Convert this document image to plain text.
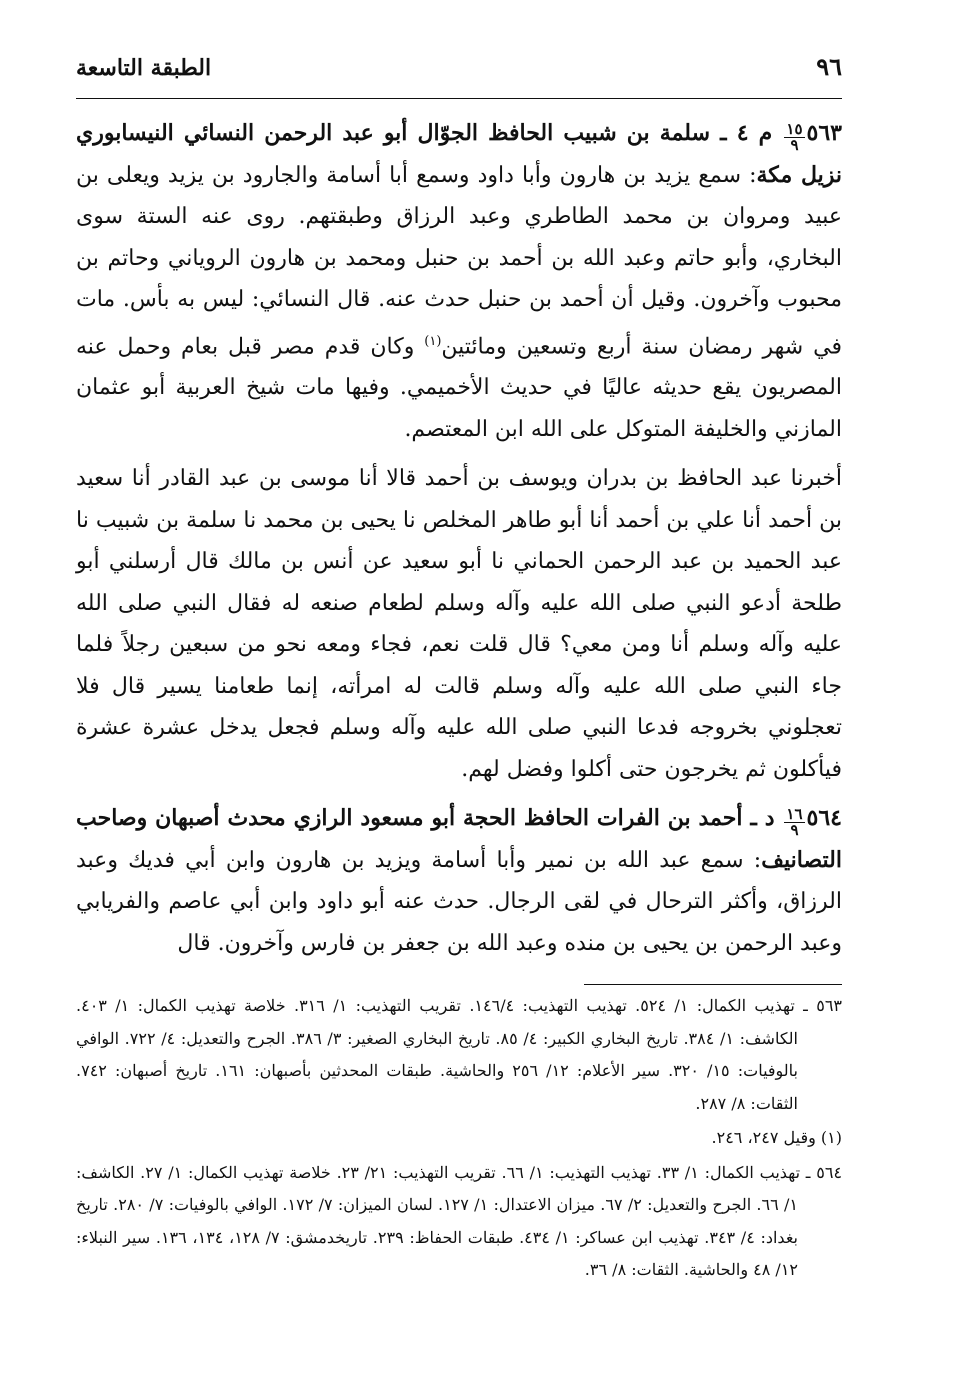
٩٦
الطبقة التاسعة

٥٦٣
$\frac{١٥}{٩}$
م ٤ ـ سلمة بن شبيب الحافظ الجوّال أبو عبد الرحمن النسائي النيسابوري نزيل مكة: سمع يزيد بن هارون وأبا داود وسمع أبا أسامة والجارود بن يزيد ويعلى بن عبيد ومروان بن محمد الطاطري وعبد الرزاق وطبقتهم. روى عنه الستة سوى البخاري، وأبو حاتم وعبد الله بن أحمد بن حنبل ومحمد بن هارون الروياني وحاتم بن محبوب وآخرون. وقيل أن أحمد بن حنبل حدث عنه. قال النسائي: ليس به بأس. مات في شهر رمضان سنة أربع وتسعين ومائتين$^{(١)}$ وكان قدم مصر قبل بعام وحمل عنه المصريون يقع حديثه عاليًا في حديث الأخميمي. وفيها مات شيخ العربية أبو عثمان المازني والخليفة المتوكل على الله ابن المعتصم.

أخبرنا عبد الحافظ بن بدران ويوسف بن أحمد قالا أنا موسى بن عبد القادر أنا سعيد بن أحمد أنا علي بن أحمد أنا أبو طاهر المخلص نا يحيى بن محمد نا سلمة بن شبيب نا عبد الحميد بن عبد الرحمن الحماني نا أبو سعيد عن أنس بن مالك قال أرسلني أبو طلحة أدعو النبي صلى الله عليه وآله وسلم لطعام صنعه له فقال النبي صلى الله عليه وآله وسلم أنا ومن معي؟ قال قلت نعم، فجاء ومعه نحو من سبعين رجلاً فلما جاء النبي صلى الله عليه وآله وسلم قالت له امرأته، إنما طعامنا يسير قال فلا تعجلوني بخروجه فدعا النبي صلى الله عليه وآله وسلم فجعل يدخل عشرة عشرة فيأكلون ثم يخرجون حتى أكلوا وفضل لهم.

٥٦٤
$\frac{١٦}{٩}$
د ـ أحمد بن الفرات الحافظ الحجة أبو مسعود الرازي محدث أصبهان وصاحب التصانيف: سمع عبد الله بن نمير وأبا أسامة ويزيد بن هارون وابن أبي فديك وعبد الرزاق، وأكثر الترحال في لقى الرجال. حدث عنه أبو داود وابن أبي عاصم والفريابي وعبد الرحمن بن يحيى بن منده وعبد الله بن جعفر بن فارس وآخرون. قال

٥٦٣ ـ تهذيب الكمال: ١/ ٥٢٤. تهذيب التهذيب: ١٤٦/٤. تقريب التهذيب: ١/ ٣١٦. خلاصة تهذيب الكمال: ١/ ٤٠٣. الكاشف: ١/ ٣٨٤. تاريخ البخاري الكبير: ٤/ ٨٥. تاريخ البخاري الصغير: ٣/ ٣٨٦. الجرح والتعديل: ٤/ ٧٢٢. الوافي بالوفيات: ١٥/ ٣٢٠. سير الأعلام: ١٢/ ٢٥٦ والحاشية. طبقات المحدثين بأصبهان: ١٦١. تاريخ أصبهان: ٧٤٢. الثقات: ٨/ ٢٨٧.

(١) وقيل ٢٤٧، ٢٤٦.

٥٦٤ ـ تهذيب الكمال: ١/ ٣٣. تهذيب التهذيب: ١/ ٦٦. تقريب التهذيب: ٢١/ ٢٣. خلاصة تهذيب الكمال: ١/ ٢٧. الكاشف: ١/ ٦٦. الجرح والتعديل: ٢/ ٦٧. ميزان الاعتدال: ١/ ١٢٧. لسان الميزان: ٧/ ١٧٢. الوافي بالوفيات: ٧/ ٢٨٠. تاريخ بغداد: ٤/ ٣٤٣. تهذيب ابن عساكر: ١/ ٤٣٤. طبقات الحفاظ: ٢٣٩. تاريخدمشق: ٧/ ١٢٨، ١٣٤، ١٣٦. سير النبلاء: ١٢/ ٤٨ والحاشية. الثقات: ٨/ ٣٦.
